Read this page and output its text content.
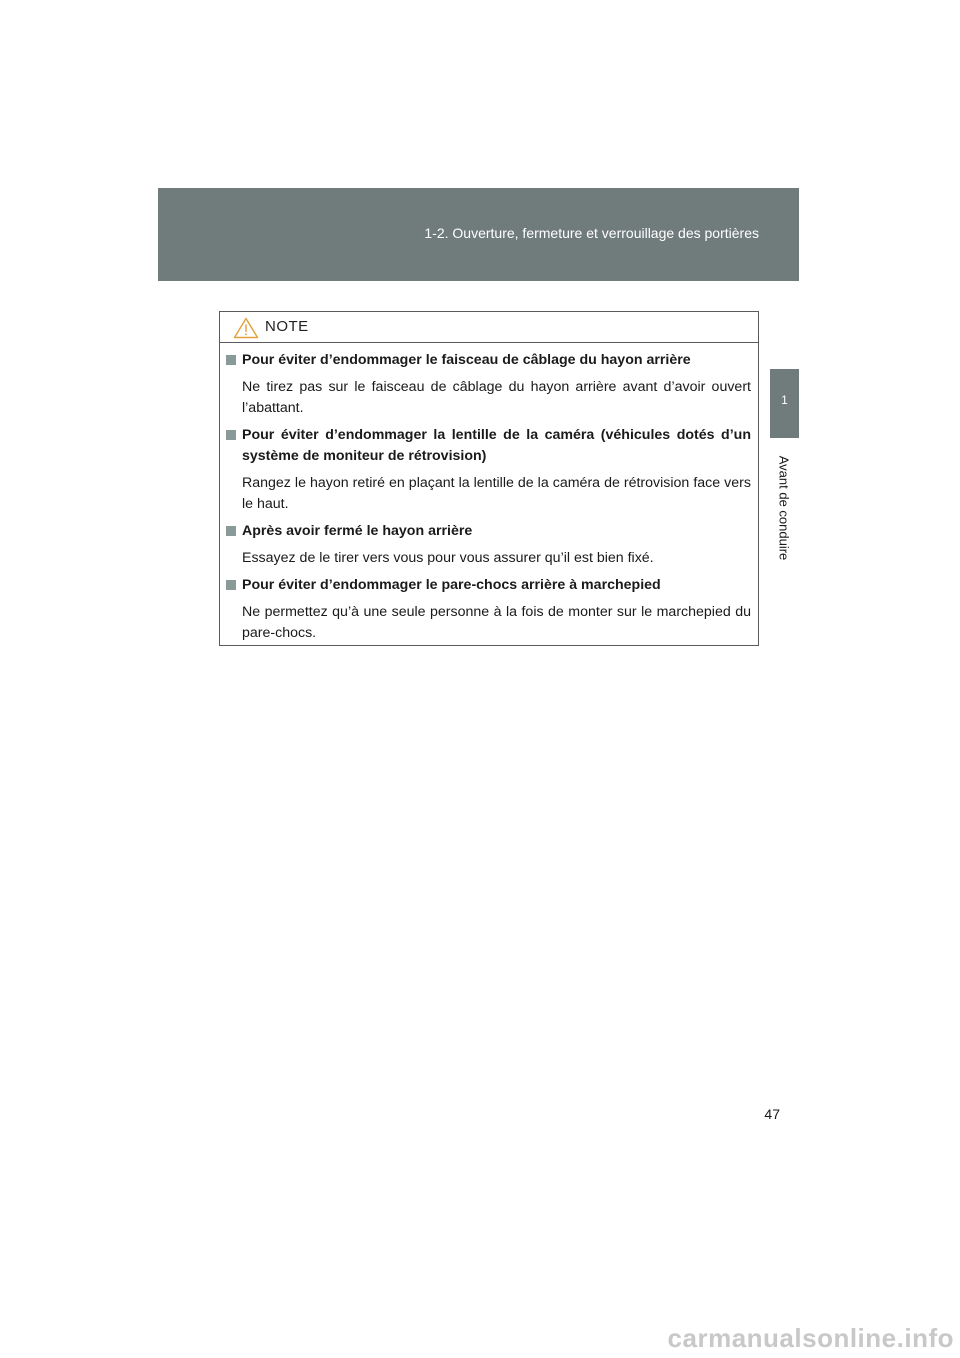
1-2. Ouverture, fermeture et verrouillage des portières
1
Avant de conduire
NOTE
Pour éviter d’endommager le faisceau de câblage du hayon arrière
Ne tirez pas sur le faisceau de câblage du hayon arrière avant d’avoir ouvert l’abattant.
Pour éviter d’endommager la lentille de la caméra (véhicules dotés d’un système de moniteur de rétrovision)
Rangez le hayon retiré en plaçant la lentille de la caméra de rétrovision face vers le haut.
Après avoir fermé le hayon arrière
Essayez de le tirer vers vous pour vous assurer qu’il est bien fixé.
Pour éviter d’endommager le pare-chocs arrière à marchepied
Ne permettez qu’à une seule personne à la fois de monter sur le marchepied du pare-chocs.
47
carmanualsonline.info
